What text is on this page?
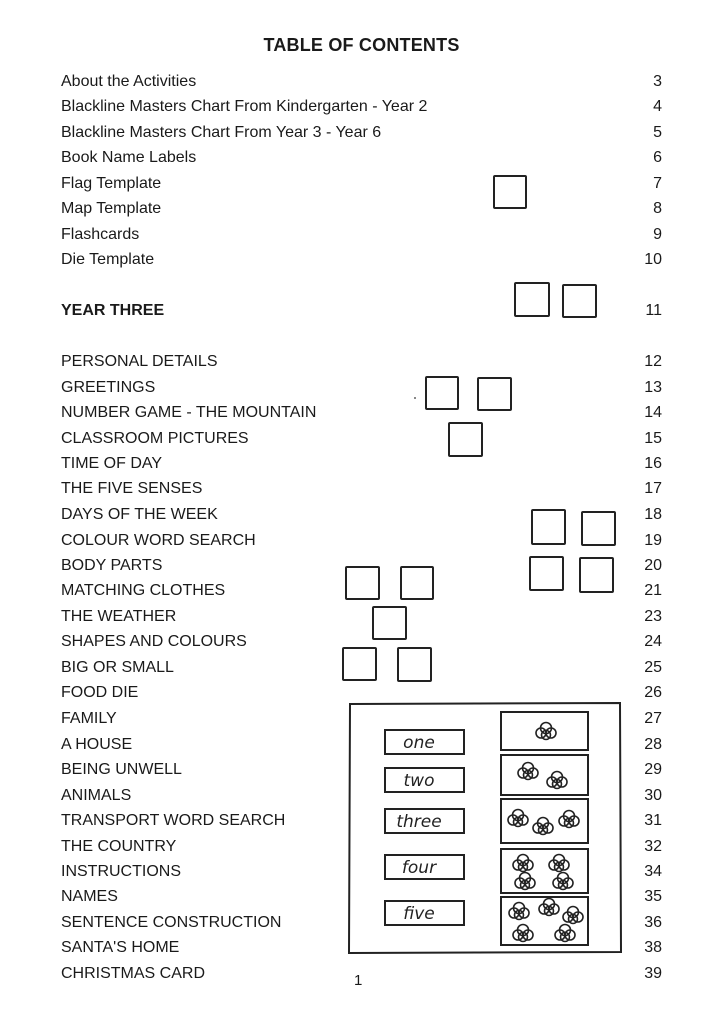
TABLE OF CONTENTS
About the Activities	3
Blackline Masters Chart From Kindergarten - Year 2	4
Blackline Masters Chart From Year 3 - Year 6	5
Book Name Labels	6
Flag Template	7
Map Template	8
Flashcards	9
Die Template	10
YEAR THREE	11
PERSONAL DETAILS	12
GREETINGS	13
NUMBER GAME - THE MOUNTAIN	14
CLASSROOM PICTURES	15
TIME OF DAY	16
THE FIVE SENSES	17
DAYS OF THE WEEK	18
COLOUR WORD SEARCH	19
BODY PARTS	20
MATCHING CLOTHES	21
THE WEATHER	23
SHAPES AND COLOURS	24
BIG OR SMALL	25
FOOD DIE	26
FAMILY	27
A HOUSE	28
BEING UNWELL	29
ANIMALS	30
TRANSPORT WORD SEARCH	31
THE COUNTRY	32
INSTRUCTIONS	34
NAMES	35
SENTENCE CONSTRUCTION	36
SANTA'S HOME	38
CHRISTMAS CARD	39
one
two
three
four
five
1
